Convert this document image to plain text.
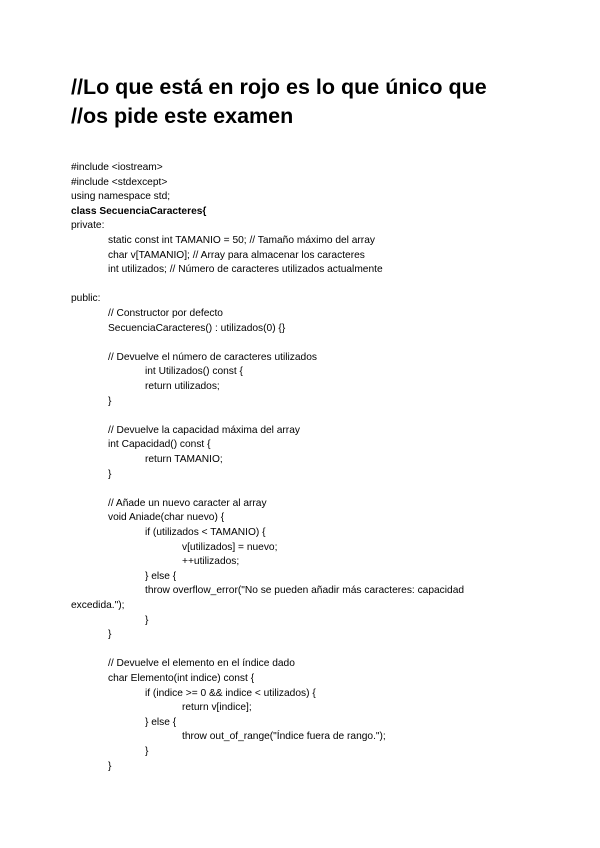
//Lo que está en rojo es lo que único que
//os pide este examen
#include <iostream>
#include <stdexcept>
using namespace std;
class SecuenciaCaracteres{
private:
static const int TAMANIO = 50; // Tamaño máximo del array
char v[TAMANIO]; // Array para almacenar los caracteres
int utilizados; // Número de caracteres utilizados actualmente
public:
// Constructor por defecto
SecuenciaCaracteres() : utilizados(0) {}
// Devuelve el número de caracteres utilizados
int Utilizados() const {
return utilizados;
}
// Devuelve la capacidad máxima del array
int Capacidad() const {
return TAMANIO;
}
// Añade un nuevo caracter al array
void Aniade(char nuevo) {
if (utilizados < TAMANIO) {
v[utilizados] = nuevo;
++utilizados;
} else {
throw overflow_error("No se pueden añadir más caracteres: capacidad
excedida.");
}
}
// Devuelve el elemento en el índice dado
char Elemento(int indice) const {
if (indice >= 0 && indice < utilizados) {
return v[indice];
} else {
throw out_of_range("Índice fuera de rango.");
}
}
